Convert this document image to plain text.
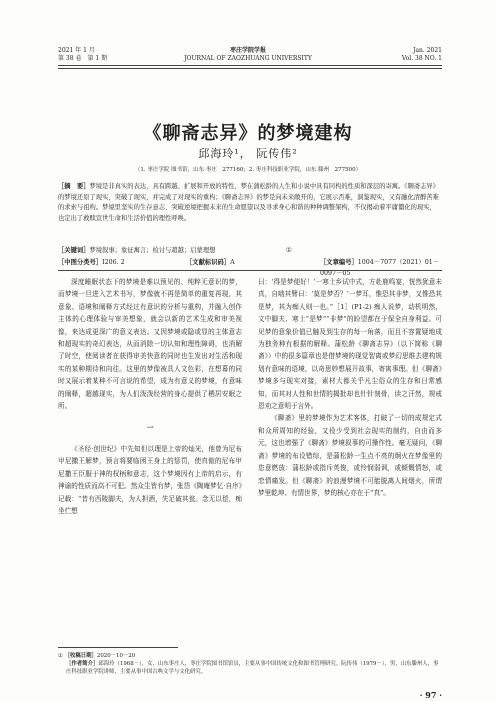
2021 年 1 月
第 38 卷　第 1 期
枣庄学院学报
JOURNAL OF ZAOZHUANG UNIVERSITY
Jan. 2021
Vol. 38 NO. 1
《聊斋志异》的梦境建构
邱海玲¹， 阮传伟²
（1. 枣庄学院 图书馆，山东 枣庄　277160；2. 枣庄科技职业学院，山东 滕州　277500）
［摘　要］梦境是非真实的表达，具有跨越、扩展和开放的特性，梦在蒲松龄的人生和小说中具有同构的性质和深层的寄寓。《聊斋志异》的梦境还原了现实，突破了现实，并完成了对现实的重构；《聊斋志异》的梦是向未来敞开的，它展示否难，洞鉴现实，又有融化清醉苦难的求索与祖构。梦境里坚实的生存意志、突破逆境把握未来的生命愿望以及寻求身心和谐的种种调整架构，不仅揭动着平庸僵化的现实，也定出了救赎宣世生命和生活价值的理性呼唤。
［关键词］梦境叙事；象征寓言；检讨与超越；启蒙理想	①
［中图分类号］I206. 2	［文献标识码］A	［文章编号］1004－7077（2021）01－0097－05

深度睡眠状态下的梦境是难以预见的、纯粹无意识的梦，而梦境一旦进入艺术书写，梦像就不再是简单的重复再现，其意象、语境和阐释方式经过有意识的分析与重构，并融入创作主体的心理体验与审美想象，就会以新的艺术生成和审美视像，来达成更深广的意义表达。又因梦境或隐或显的主体意志和超现实的奇幻表达，从而消除一切认知和理性障碍，也消解了时空，使阅读者在获得审美快意的同时也生发出对生活和现实的某种期待和向往。这里的梦像被具人文色彩，在想幕的同时又展示着某种不可言说的希望，成为有意义的梦境，有意味的阐释，超越现实，为人们泼泼经营的身心提供了栖居安眠之所。

一

《圣经·创世纪》中先知但以理是上帝的灿光，他曾为尼布甲尼撒王解梦，预言将要临困王身上的惩罚，使真傲的尼布甲尼撒王臣服于神的权柄和意志，这个梦境因有上帝的启示，有神谕的性质而高不可犯。然众生皆有梦，张岱《陶庵梦忆·自序》记载：“昔有西陵脚夫，为人担酒，失足破其瓮。念无以偿，痴坐伫想

曰：‘得是梦便好！’一寒士乡试中式，方赴鹿鸣宴，恍然犹意未真，自啮其臂曰：‘莫是梦否？’一梦耳，惟恐其非梦，又惟恐其是梦，其为痴人则一也。”［1］(P1-2) 痴人说梦，动机明然，文中脚夫、寒士“是梦”“非梦”的盼望都在于保全自身利益。可见梦的意象价值已触及到生存的每一角落，而且不容置疑地成为独务种有根据的解释。蒲松龄《聊斋志异》（以下简称《聊斋》）中的很多篇章也是借梦境的现觉智离或梦幻思维去建构规划有意味的语境，以奇思妙想展开故事，寄寓事理。但《聊斋》梦境多与现实对接，素材大都关乎凡尘俗众的生存和日常感知，而其对人性和世情的揭批却也针针刻骨，读之汗然，规戒恩劝之意明于言外。

《聊斋》里的梦境作为艺术客体，打破了一切的成规定式和众所周知的经验，又役少受到社会现实的制约，自由而多元，这也增强了《聊斋》梦境叙事的可操作性。毫无疑问，《聊斋》梦境的布设错综，是蒲松龄一生点不亮的炯火在梦像里的恣意燃放：蒲松龄或指斥英俊，或怜悯弱讽，或倾慨情怒，或恋情痛发。但《聊斋》的浪漫梦境不可能脱离人间烟火，所谓梦里乾坤、有情世界，梦的核心亦在于“真”。

① ［收稿日期］2020－10－20
［作者简介］邱海玲（1968－），女，山东枣庄人，枣庄学院图书馆馆员，主要从事中国传统文化和图书管理研究。阮传伟（1979－），男，山东滕州人，枣庄科技职业学院讲师，主要从事中国古典文学与文化研究。
· 97 ·
